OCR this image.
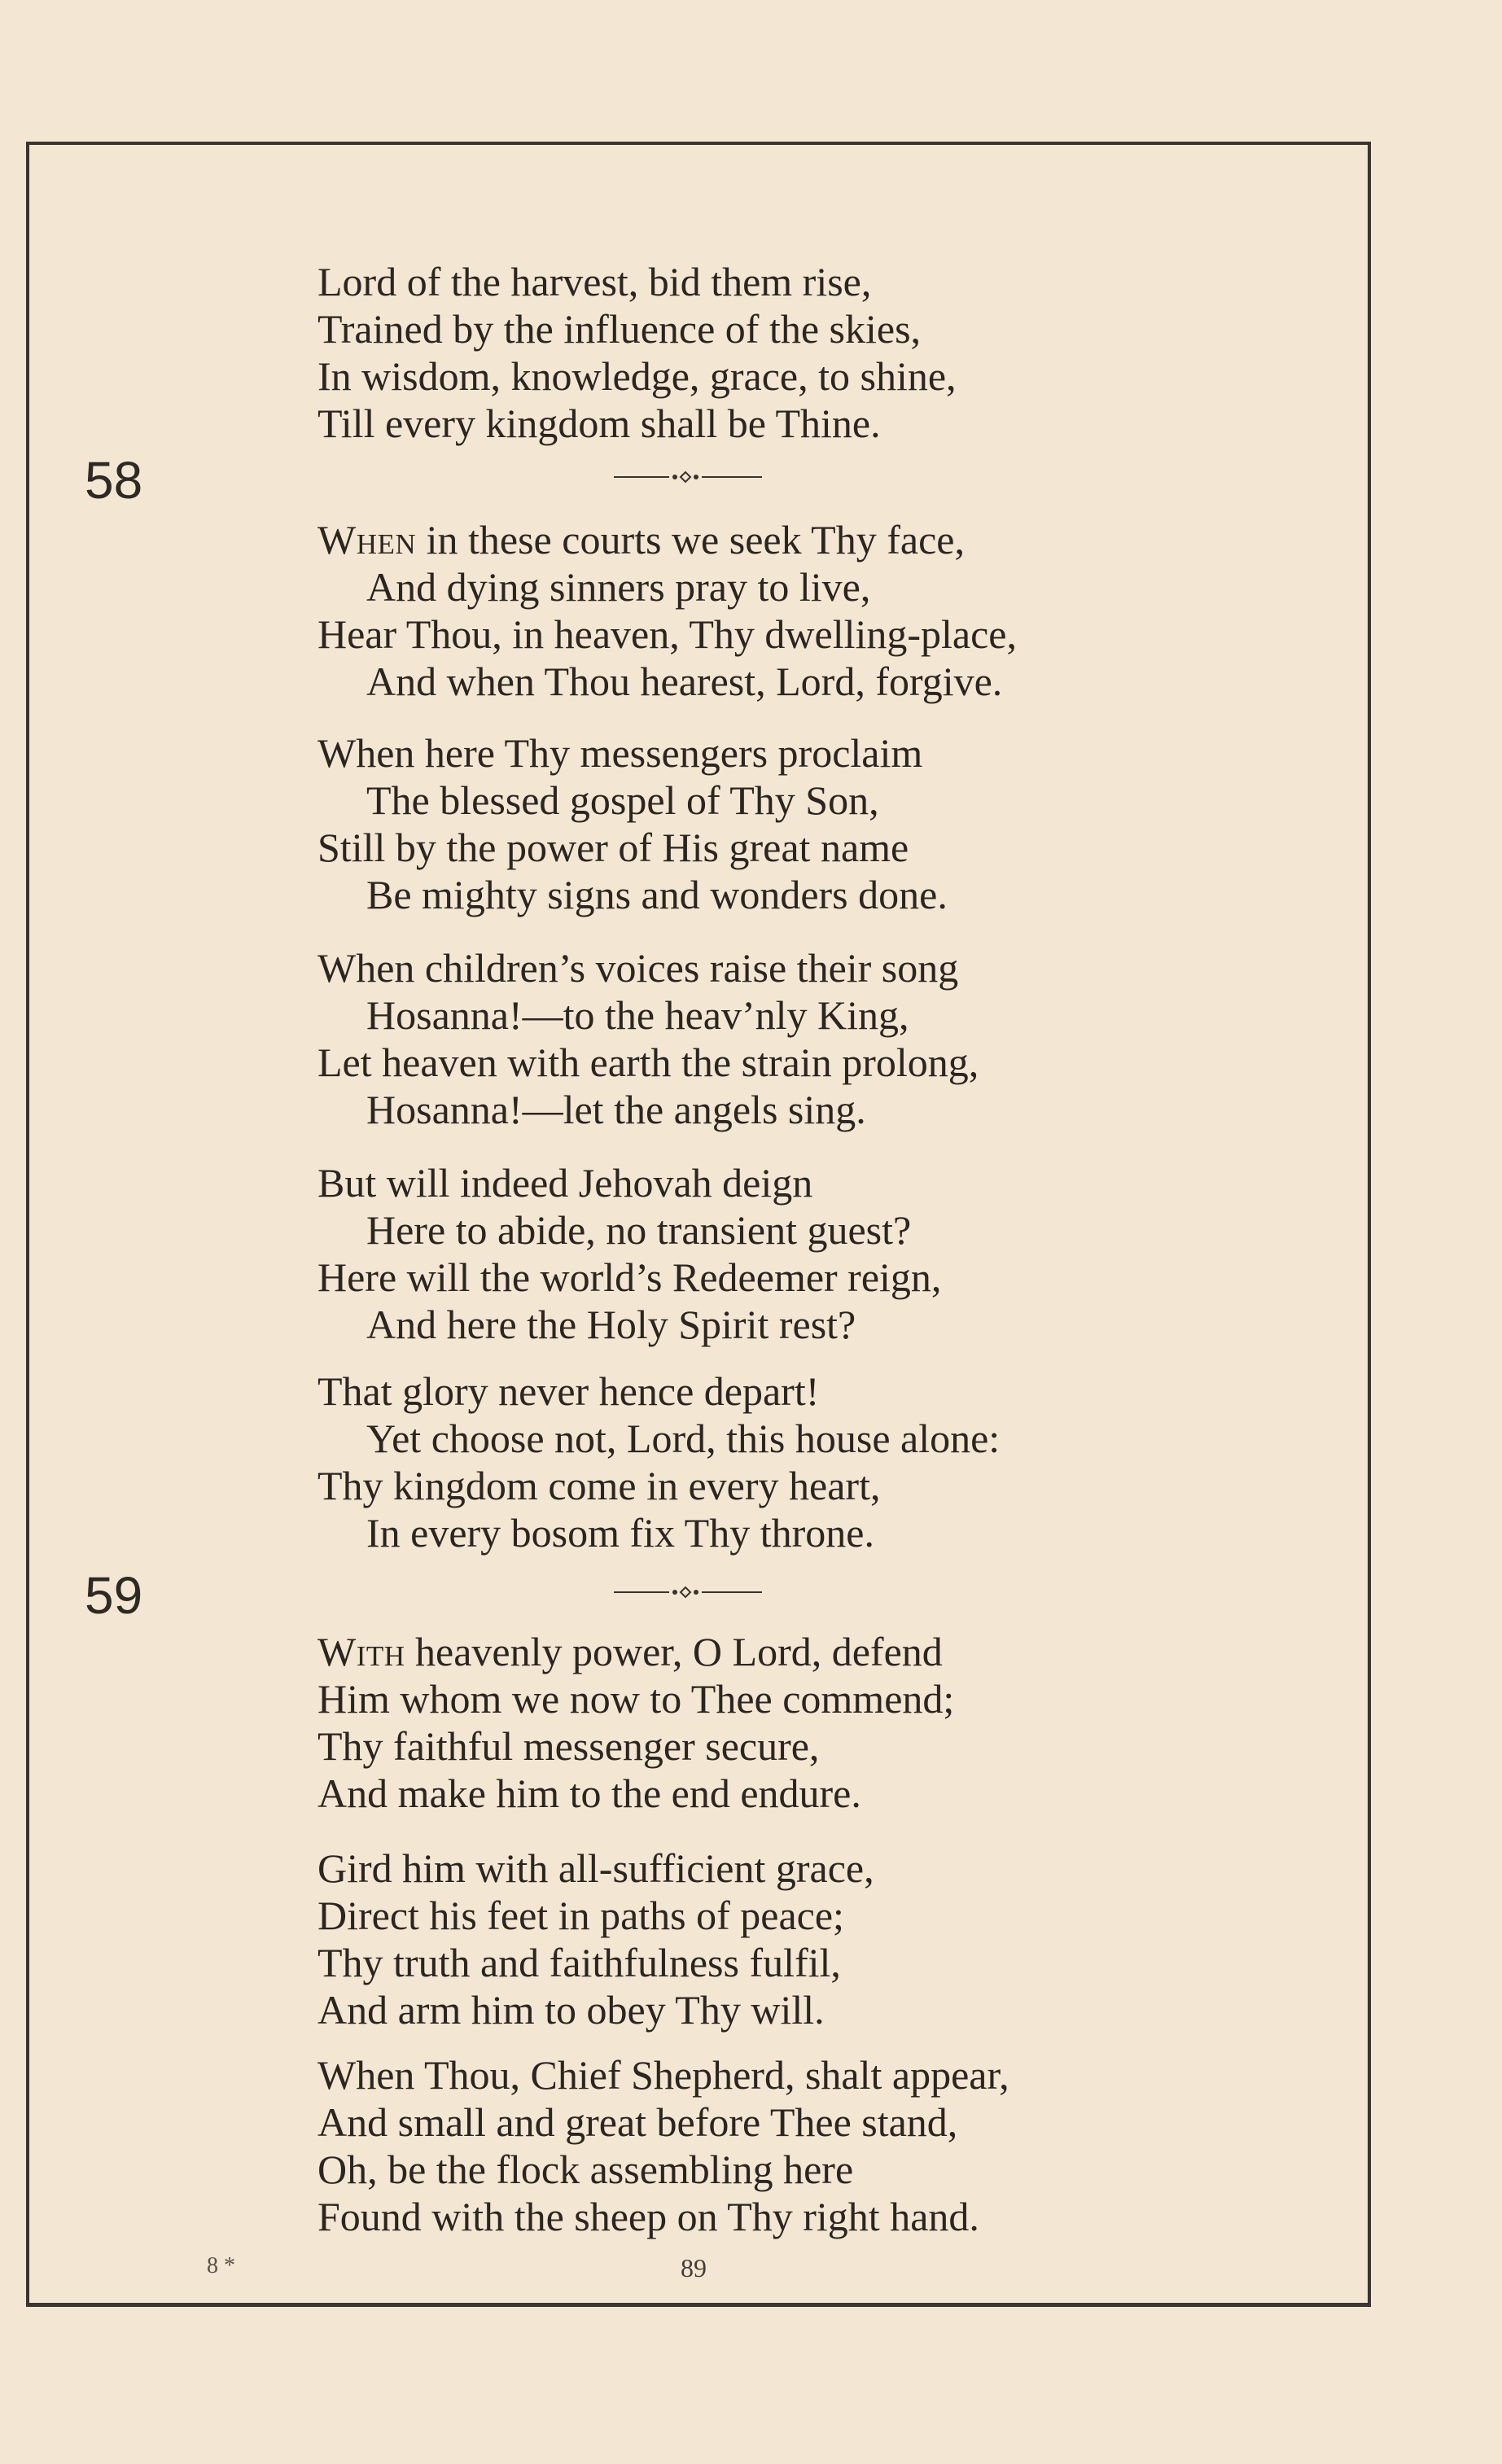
58
59
Lord of the harvest, bid them rise,
Trained by the influence of the skies,
In wisdom, knowledge, grace, to shine,
Till every kingdom shall be Thine.
When in these courts we seek Thy face,
And dying sinners pray to live,
Hear Thou, in heaven, Thy dwelling-place,
And when Thou hearest, Lord, forgive.
When here Thy messengers proclaim
The blessed gospel of Thy Son,
Still by the power of His great name
Be mighty signs and wonders done.
When children’s voices raise their song
Hosanna!—to the heav’nly King,
Let heaven with earth the strain prolong,
Hosanna!—let the angels sing.
But will indeed Jehovah deign
Here to abide, no transient guest?
Here will the world’s Redeemer reign,
And here the Holy Spirit rest?
That glory never hence depart!
Yet choose not, Lord, this house alone:
Thy kingdom come in every heart,
In every bosom fix Thy throne.
With heavenly power, O Lord, defend
Him whom we now to Thee commend;
Thy faithful messenger secure,
And make him to the end endure.
Gird him with all-sufficient grace,
Direct his feet in paths of peace;
Thy truth and faithfulness fulfil,
And arm him to obey Thy will.
When Thou, Chief Shepherd, shalt appear,
And small and great before Thee stand,
Oh, be the flock assembling here
Found with the sheep on Thy right hand.
8 *	89
